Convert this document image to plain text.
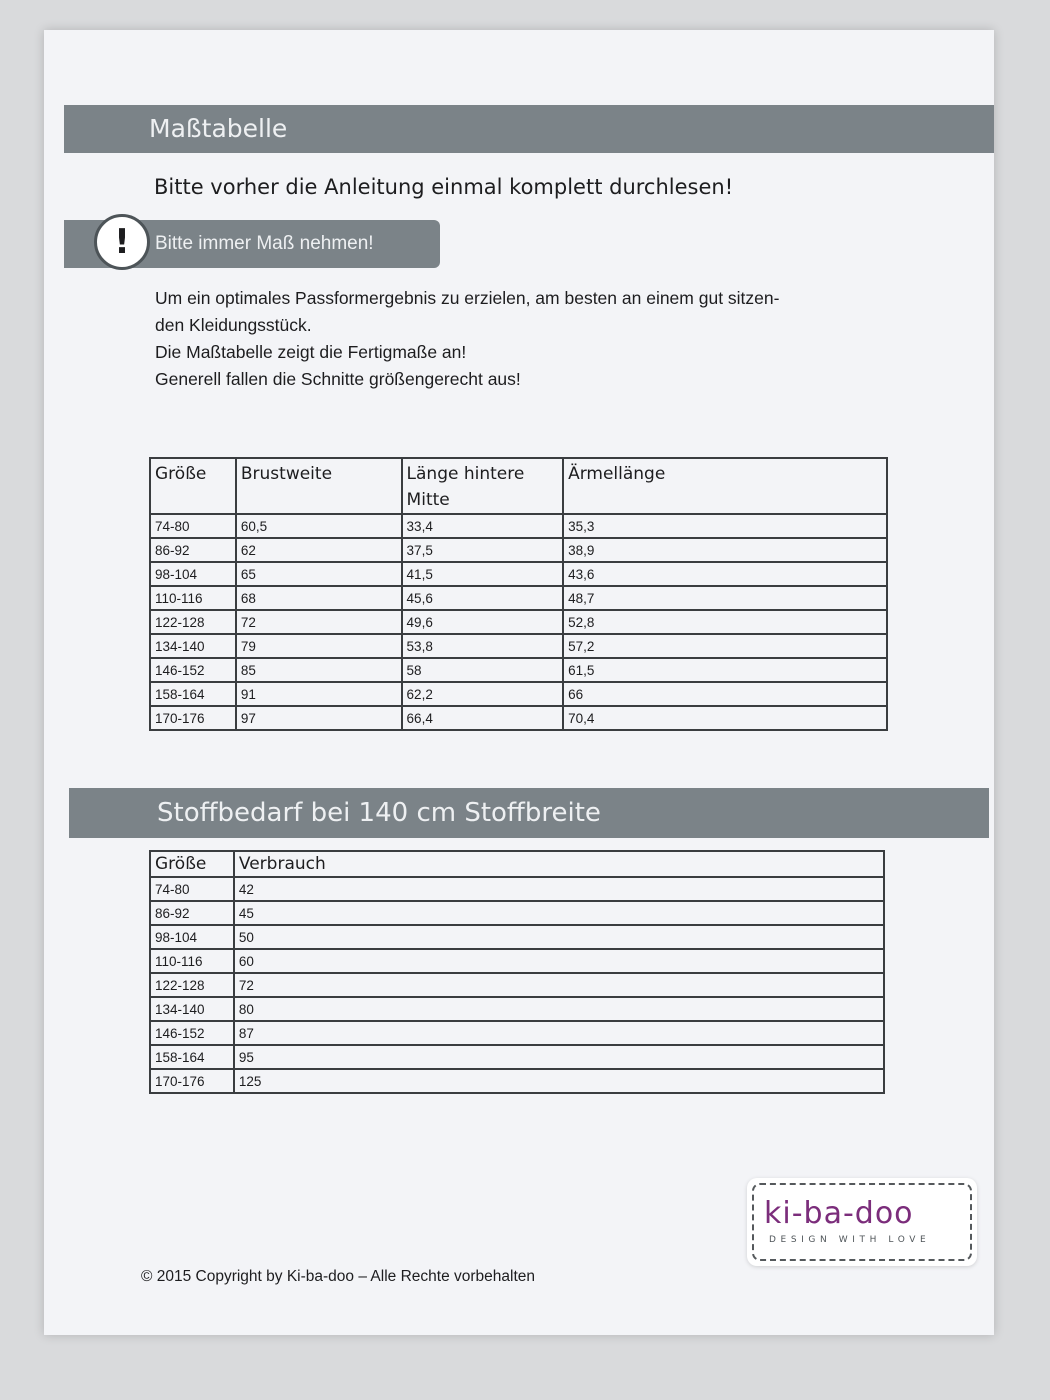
Maßtabelle
Bitte vorher die Anleitung einmal komplett durchlesen!
!	Bitte immer Maß nehmen!
Um ein optimales Passformergebnis zu erzielen, am besten an einem gut sitzen-
den Kleidungsstück.
Die Maßtabelle zeigt die Fertigmaße an!
Generell fallen die Schnitte größengerecht aus!
Größe	Brustweite	Länge hintere Mitte	Ärmellänge
74-80	60,5	33,4	35,3
86-92	62	37,5	38,9
98-104	65	41,5	43,6
110-116	68	45,6	48,7
122-128	72	49,6	52,8
134-140	79	53,8	57,2
146-152	85	58	61,5
158-164	91	62,2	66
170-176	97	66,4	70,4
Stoffbedarf bei 140 cm Stoffbreite
Größe	Verbrauch
74-80	42
86-92	45
98-104	50
110-116	60
122-128	72
134-140	80
146-152	87
158-164	95
170-176	125
ki-ba-doo
DESIGN WITH LOVE
© 2015 Copyright by Ki-ba-doo – Alle Rechte vorbehalten
